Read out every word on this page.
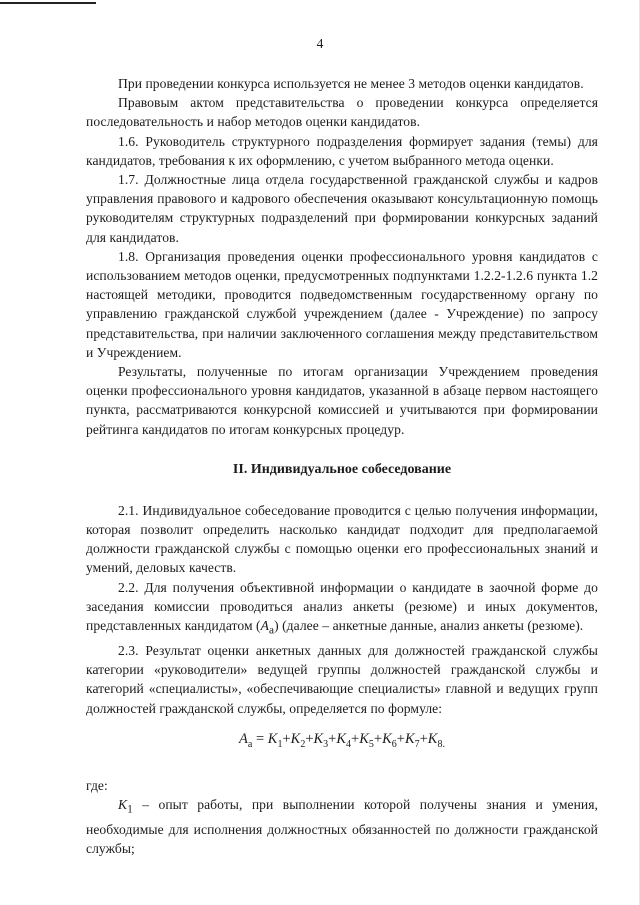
4

При проведении конкурса используется не менее 3 методов оценки кандидатов.

Правовым актом представительства о проведении конкурса определяется последовательность и набор методов оценки кандидатов.

1.6. Руководитель структурного подразделения формирует задания (темы) для кандидатов, требования к их оформлению, с учетом выбранного метода оценки.

1.7. Должностные лица отдела государственной гражданской службы и кадров управления правового и кадрового обеспечения оказывают консультационную помощь руководителям структурных подразделений при формировании конкурсных заданий для кандидатов.

1.8. Организация проведения оценки профессионального уровня кандидатов с использованием методов оценки, предусмотренных подпунктами 1.2.2-1.2.6 пункта 1.2 настоящей методики, проводится подведомственным государственному органу по управлению гражданской службой учреждением (далее - Учреждение) по запросу представительства, при наличии заключенного соглашения между представительством и Учреждением.

Результаты, полученные по итогам организации Учреждением проведения оценки профессионального уровня кандидатов, указанной в абзаце первом настоящего пункта, рассматриваются конкурсной комиссией и учитываются при формировании рейтинга кандидатов по итогам конкурсных процедур.

II. Индивидуальное собеседование

2.1. Индивидуальное собеседование проводится с целью получения информации, которая позволит определить насколько кандидат подходит для предполагаемой должности гражданской службы с помощью оценки его профессиональных знаний и умений, деловых качеств.

2.2. Для получения объективной информации о кандидате в заочной форме до заседания комиссии проводиться анализ анкеты (резюме) и иных документов, представленных кандидатом $(A_a)$ (далее – анкетные данные, анализ анкеты (резюме).

2.3. Результат оценки анкетных данных для должностей гражданской службы категории «руководители» ведущей группы должностей гражданской службы и категорий «специалисты», «обеспечивающие специалисты» главной и ведущих групп должностей гражданской службы, определяется по формуле:

$A_a = K_1+K_2+K_3+K_4+K_5+K_6+K_7+K_{8.}$

где:

$K_1$ – опыт работы, при выполнении которой получены знания и умения, необходимые для исполнения должностных обязанностей по должности гражданской службы;
